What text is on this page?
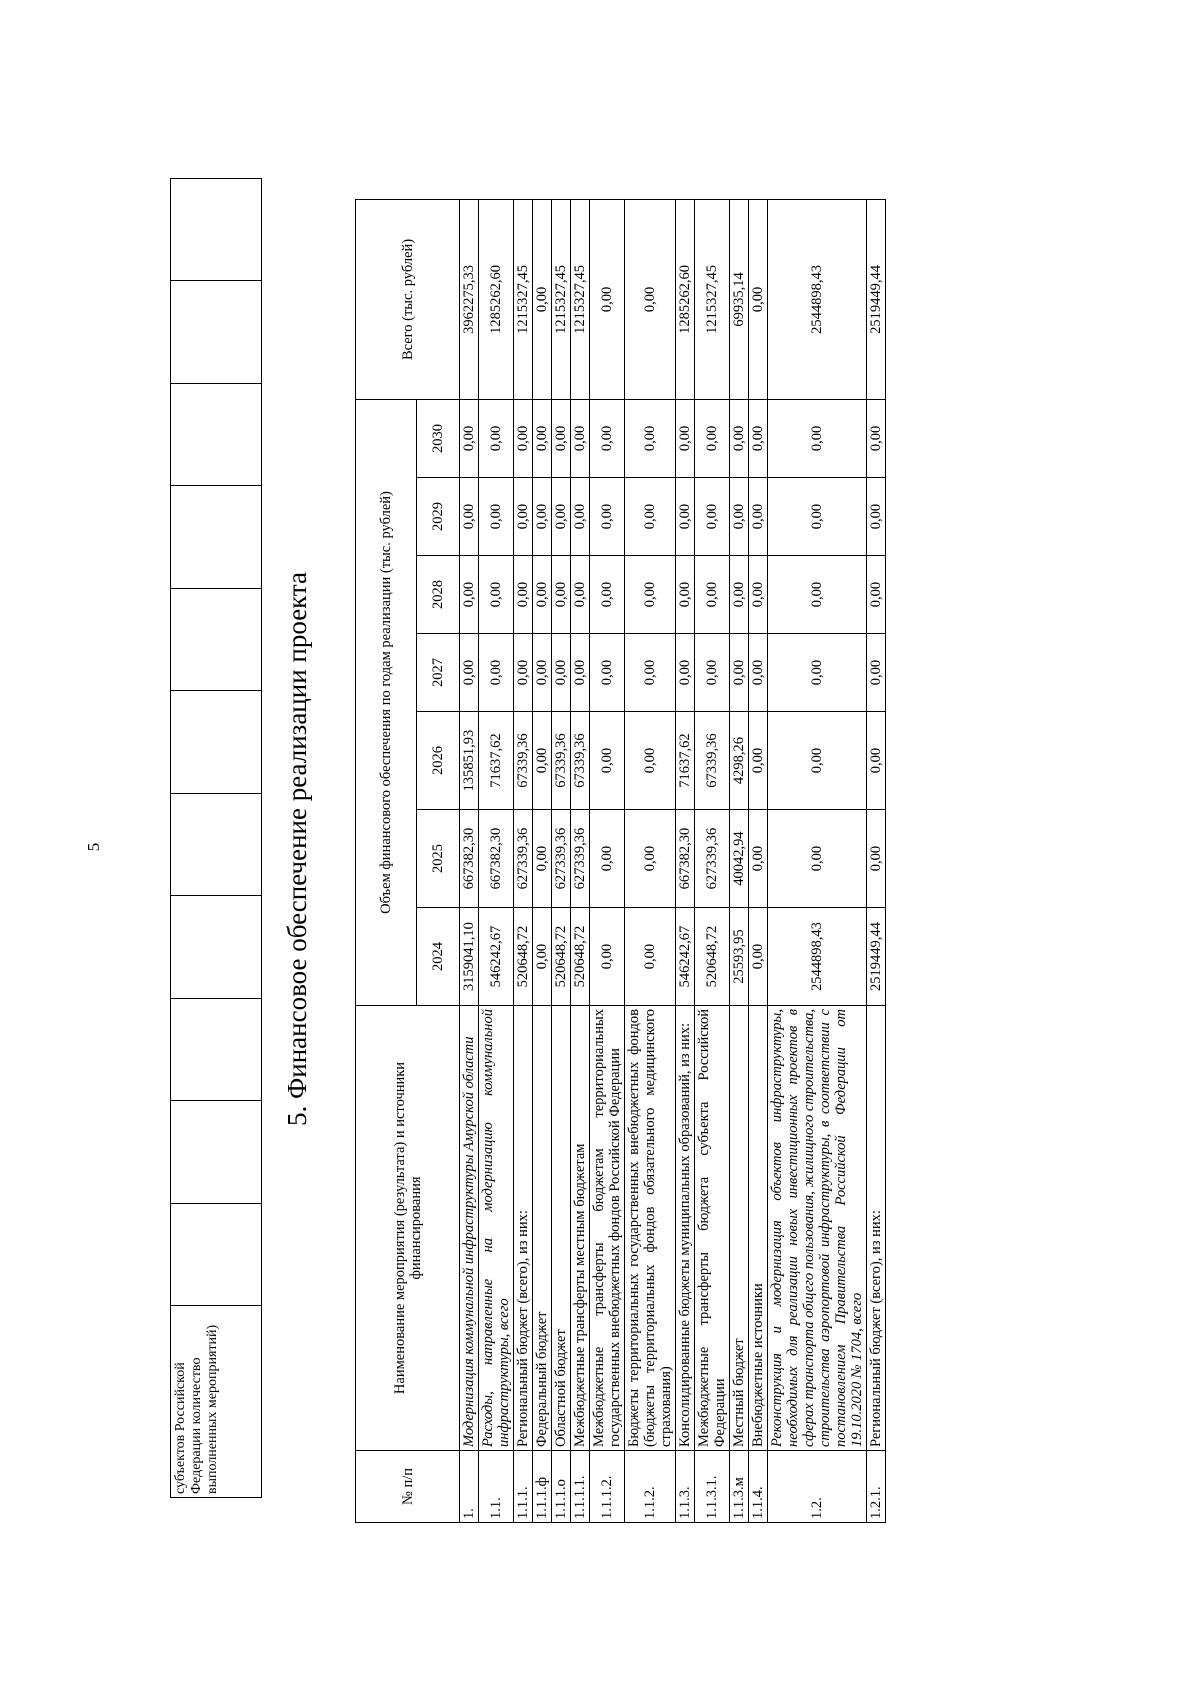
5
субъектов Российской Федерации количество выполненных мероприятий)											
5. Финансовое обеспечение реализации проекта
№ п/п	Наименование мероприятия (результата) и источники финансирования	Объем финансового обеспечения по годам реализации (тыс. рублей)							Всего (тыс. рублей)
		2024	2025	2026	2027	2028	2029	2030	
1.	Модернизация коммунальной инфраструктуры Амурской области	3159041,10	667382,30	135851,93	0,00	0,00	0,00	0,00	3962275,33
1.1.	Расходы, направленные на модернизацию коммунальной инфраструктуры, всего	546242,67	667382,30	71637,62	0,00	0,00	0,00	0,00	1285262,60
1.1.1.	Региональный бюджет (всего), из них:	520648,72	627339,36	67339,36	0,00	0,00	0,00	0,00	1215327,45
1.1.1.ф	Федеральный бюджет	0,00	0,00	0,00	0,00	0,00	0,00	0,00	0,00
1.1.1.о	Областной бюджет	520648,72	627339,36	67339,36	0,00	0,00	0,00	0,00	1215327,45
1.1.1.1.	Межбюджетные трансферты местным бюджетам	520648,72	627339,36	67339,36	0,00	0,00	0,00	0,00	1215327,45
1.1.1.2.	Межбюджетные трансферты бюджетам территориальных государственных внебюджетных фондов Российской Федерации	0,00	0,00	0,00	0,00	0,00	0,00	0,00	0,00
1.1.2.	Бюджеты территориальных государственных внебюджетных фондов (бюджеты территориальных фондов обязательного медицинского страхования)	0,00	0,00	0,00	0,00	0,00	0,00	0,00	0,00
1.1.3.	Консолидированные бюджеты муниципальных образований, из них:	546242,67	667382,30	71637,62	0,00	0,00	0,00	0,00	1285262,60
1.1.3.1.	Межбюджетные трансферты бюджета субъекта Российской Федерации	520648,72	627339,36	67339,36	0,00	0,00	0,00	0,00	1215327,45
1.1.3.м	Местный бюджет	25593,95	40042,94	4298,26	0,00	0,00	0,00	0,00	69935,14
1.1.4.	Внебюджетные источники	0,00	0,00	0,00	0,00	0,00	0,00	0,00	0,00
1.2.	Реконструкция и модернизация объектов инфраструктуры, необходимых для реализации новых инвестиционных проектов в сферах транспорта общего пользования, жилищного строительства, строительства аэропортовой инфраструктуры, в соответствии с постановлением Правительства Российской Федерации от 19.10.2020 № 1704, всего	2544898,43	0,00	0,00	0,00	0,00	0,00	0,00	2544898,43
1.2.1.	Региональный бюджет (всего), из них:	2519449,44	0,00	0,00	0,00	0,00	0,00	0,00	2519449,44
